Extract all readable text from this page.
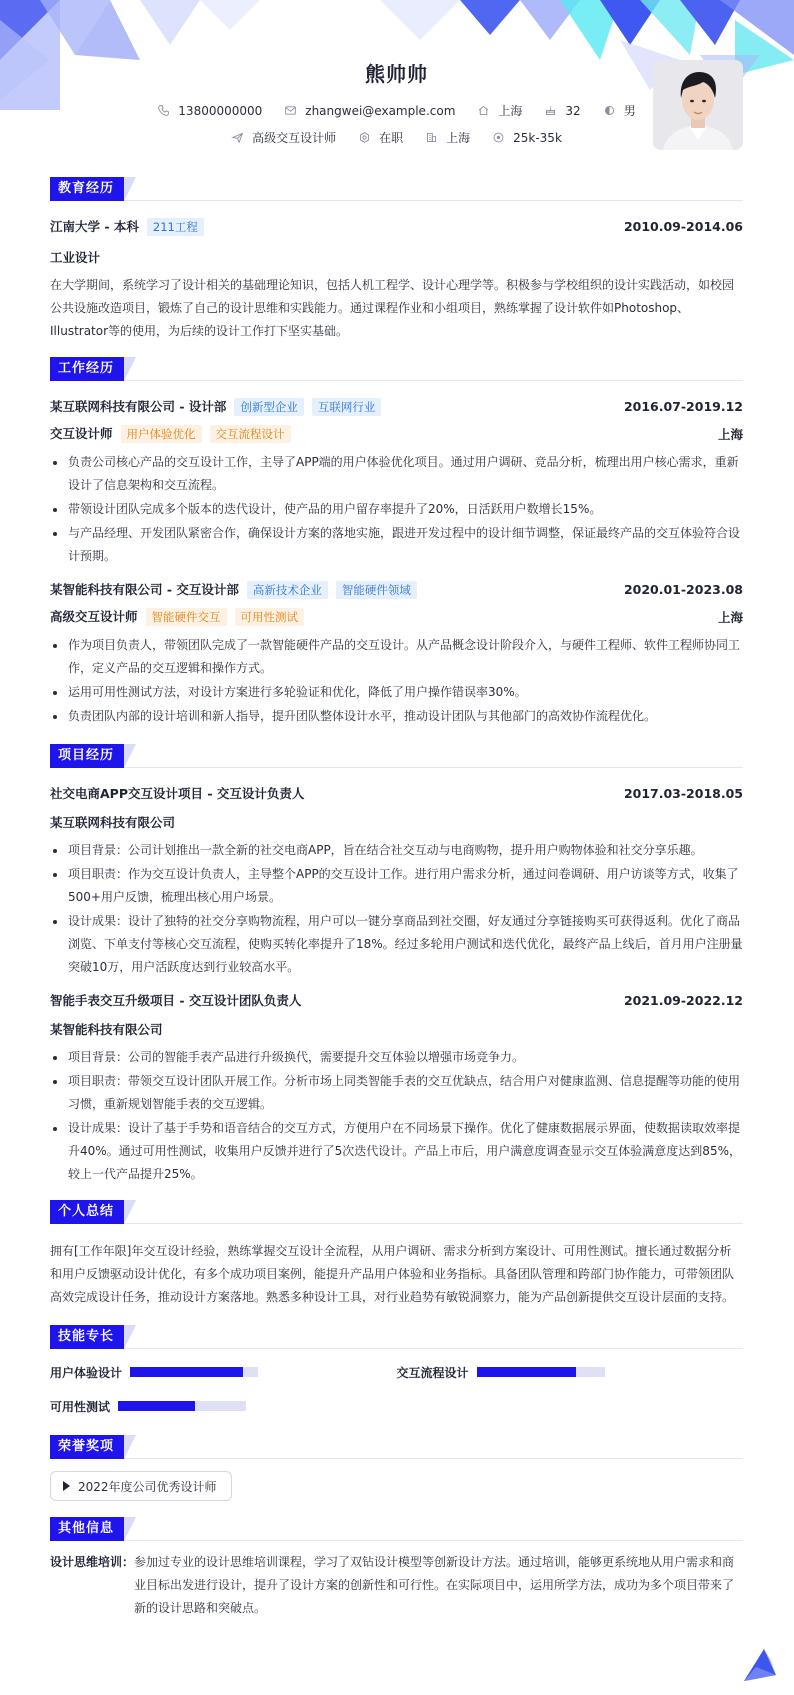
熊帅帅
13800000000	zhangwei@example.com	上海	32	男
高级交互设计师	在职	上海	25k-35k
教育经历
江南大学 - 本科 211工程	2010.09-2014.06
工业设计
在大学期间，系统学习了设计相关的基础理论知识，包括人机工程学、设计心理学等。积极参与学校组织的设计实践活动，如校园公共设施改造项目，锻炼了自己的设计思维和实践能力。通过课程作业和小组项目，熟练掌握了设计软件如Photoshop、Illustrator等的使用，为后续的设计工作打下坚实基础。
工作经历
某互联网科技有限公司 - 设计部 创新型企业 互联网行业	2016.07-2019.12
交互设计师 用户体验优化 交互流程设计	上海
负责公司核心产品的交互设计工作，主导了APP端的用户体验优化项目。通过用户调研、竞品分析，梳理出用户核心需求，重新设计了信息架构和交互流程。
带领设计团队完成多个版本的迭代设计，使产品的用户留存率提升了20%，日活跃用户数增长15%。
与产品经理、开发团队紧密合作，确保设计方案的落地实施，跟进开发过程中的设计细节调整，保证最终产品的交互体验符合设计预期。
某智能科技有限公司 - 交互设计部 高新技术企业 智能硬件领域	2020.01-2023.08
高级交互设计师 智能硬件交互 可用性测试	上海
作为项目负责人，带领团队完成了一款智能硬件产品的交互设计。从产品概念设计阶段介入，与硬件工程师、软件工程师协同工作，定义产品的交互逻辑和操作方式。
运用可用性测试方法，对设计方案进行多轮验证和优化，降低了用户操作错误率30%。
负责团队内部的设计培训和新人指导，提升团队整体设计水平，推动设计团队与其他部门的高效协作流程优化。
项目经历
社交电商APP交互设计项目 - 交互设计负责人	2017.03-2018.05
某互联网科技有限公司
项目背景：公司计划推出一款全新的社交电商APP，旨在结合社交互动与电商购物，提升用户购物体验和社交分享乐趣。
项目职责：作为交互设计负责人，主导整个APP的交互设计工作。进行用户需求分析，通过问卷调研、用户访谈等方式，收集了500+用户反馈，梳理出核心用户场景。
设计成果：设计了独特的社交分享购物流程，用户可以一键分享商品到社交圈，好友通过分享链接购买可获得返利。优化了商品浏览、下单支付等核心交互流程，使购买转化率提升了18%。经过多轮用户测试和迭代优化，最终产品上线后，首月用户注册量突破10万，用户活跃度达到行业较高水平。
智能手表交互升级项目 - 交互设计团队负责人	2021.09-2022.12
某智能科技有限公司
项目背景：公司的智能手表产品进行升级换代，需要提升交互体验以增强市场竞争力。
项目职责：带领交互设计团队开展工作。分析市场上同类智能手表的交互优缺点，结合用户对健康监测、信息提醒等功能的使用习惯，重新规划智能手表的交互逻辑。
设计成果：设计了基于手势和语音结合的交互方式，方便用户在不同场景下操作。优化了健康数据展示界面，使数据读取效率提升40%。通过可用性测试，收集用户反馈并进行了5次迭代设计。产品上市后，用户满意度调查显示交互体验满意度达到85%，较上一代产品提升25%。
个人总结
拥有[工作年限]年交互设计经验，熟练掌握交互设计全流程，从用户调研、需求分析到方案设计、可用性测试。擅长通过数据分析和用户反馈驱动设计优化，有多个成功项目案例，能提升产品用户体验和业务指标。具备团队管理和跨部门协作能力，可带领团队高效完成设计任务，推动设计方案落地。熟悉多种设计工具，对行业趋势有敏锐洞察力，能为产品创新提供交互设计层面的支持。
技能专长
用户体验设计	交互流程设计
可用性测试
荣誉奖项
2022年度公司优秀设计师
其他信息
设计思维培训： 参加过专业的设计思维培训课程，学习了双钻设计模型等创新设计方法。通过培训，能够更系统地从用户需求和商业目标出发进行设计，提升了设计方案的创新性和可行性。在实际项目中，运用所学方法，成功为多个项目带来了新的设计思路和突破点。
